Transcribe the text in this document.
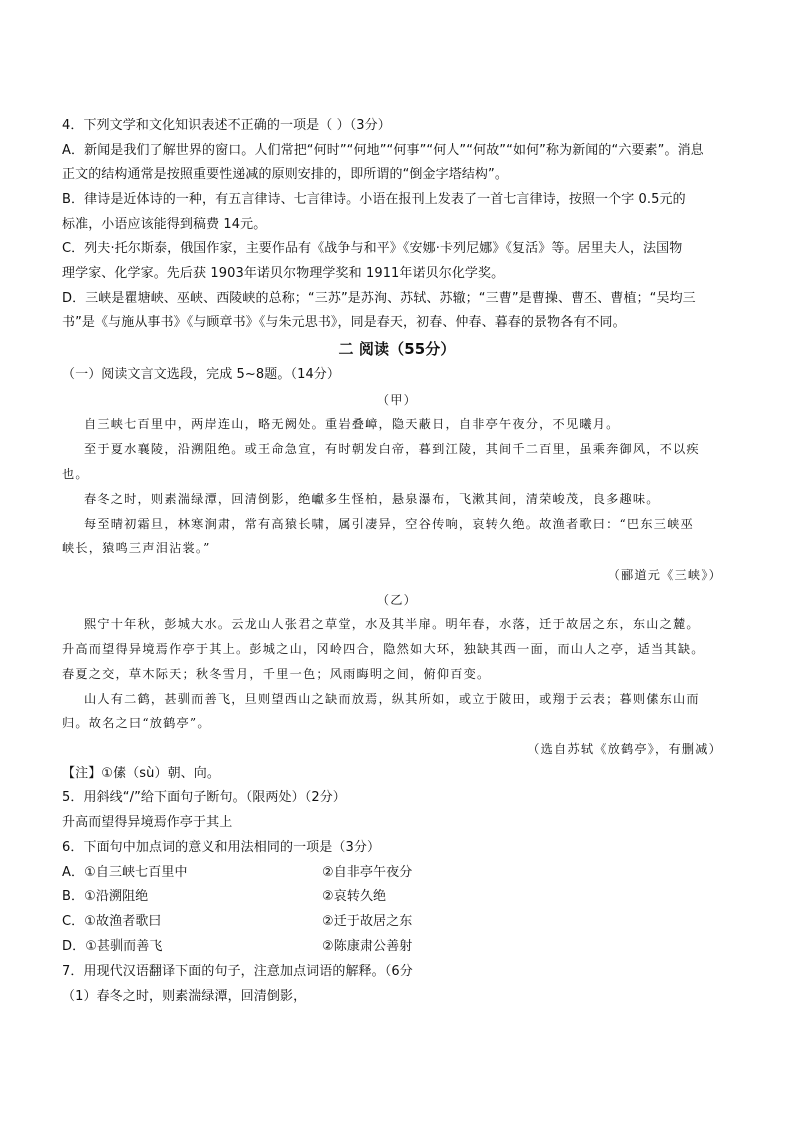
4．下列文学和文化知识表述不正确的一项是（ ）（3分）
A．新闻是我们了解世界的窗口。人们常把“何时”“何地”“何事”“何人”“何故”“如何”称为新闻的“六要素”。消息
正文的结构通常是按照重要性递减的原则安排的，即所谓的“倒金字塔结构”。
B．律诗是近体诗的一种，有五言律诗、七言律诗。小语在报刊上发表了一首七言律诗，按照一个字 0.5元的
标准，小语应该能得到稿费 14元。
C．列夫·托尔斯泰，俄国作家，主要作品有《战争与和平》《安娜·卡列尼娜》《复活》等。居里夫人，法国物
理学家、化学家。先后获 1903年诺贝尔物理学奖和 1911年诺贝尔化学奖。
D．三峡是瞿塘峡、巫峡、西陵峡的总称；“三苏”是苏洵、苏轼、苏辙；“三曹”是曹操、曹丕、曹植；“吴均三
书”是《与施从事书》《与顾章书》《与朱元思书》，同是春天，初春、仲春、暮春的景物各有不同。
二 阅读（55分）
（一）阅读文言文选段，完成 5~8题。（14分）
（甲）
自三峡七百里中，两岸连山，略无阙处。重岩叠嶂，隐天蔽日，自非亭午夜分，不见曦月。
至于夏水襄陵，沿溯阻绝。或王命急宣，有时朝发白帝，暮到江陵，其间千二百里，虽乘奔御风，不以疾
也。
春冬之时，则素湍绿潭，回清倒影，绝巘多生怪柏，悬泉瀑布，飞漱其间，清荣峻茂，良多趣味。
每至晴初霜旦，林寒涧肃，常有高猿长啸，属引凄异，空谷传响，哀转久绝。故渔者歌曰：“巴东三峡巫
峡长，猿鸣三声泪沾裳。”
（郦道元《三峡》）
（乙）
熙宁十年秋，彭城大水。云龙山人张君之草堂，水及其半扉。明年春，水落，迁于故居之东，东山之麓。
升高而望得异境焉作亭于其上。彭城之山，冈岭四合，隐然如大环，独缺其西一面，而山人之亭，适当其缺。
春夏之交，草木际天；秋冬雪月，千里一色；风雨晦明之间，俯仰百变。
山人有二鹤，甚驯而善飞，旦则望西山之缺而放焉，纵其所如，或立于陂田，或翔于云表；暮则傃东山而
归。故名之曰“放鹤亭”。
（选自苏轼《放鹤亭》，有删减）
【注】①傃（sù）朝、向。
5．用斜线“/”给下面句子断句。（限两处）（2分）
升高而望得异境焉作亭于其上
6．下面句中加点词的意义和用法相同的一项是（3分）
A．①自三峡七百里中	②自非亭午夜分
B．①沿溯阻绝	②哀转久绝
C．①故渔者歌曰	②迁于故居之东
D．①甚驯而善飞	②陈康肃公善射
7．用现代汉语翻译下面的句子，注意加点词语的解释。（6分
（1）春冬之时，则素湍绿潭，回清倒影，
